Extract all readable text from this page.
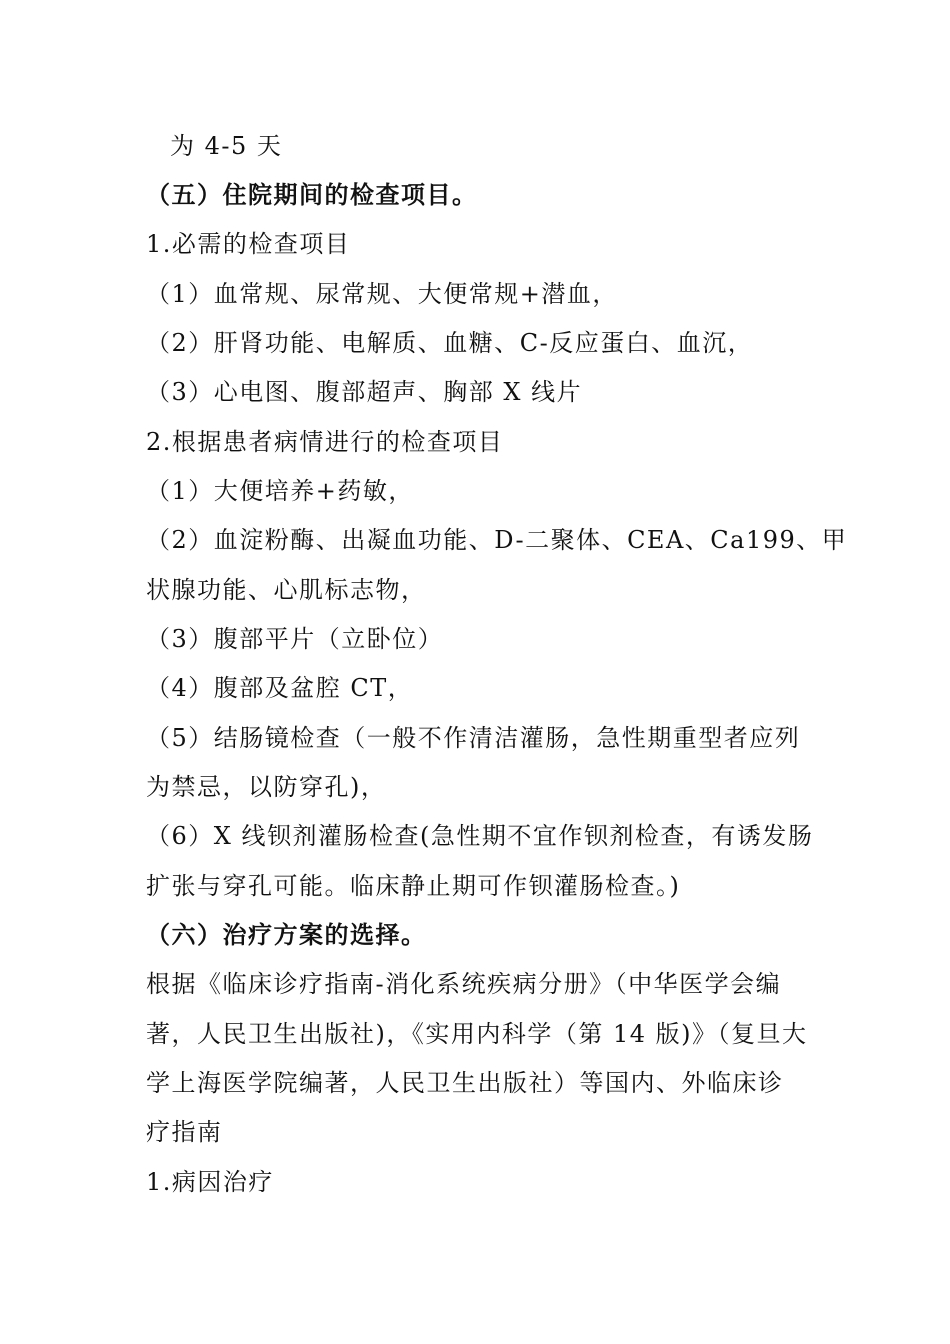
为 4-5 天
（五）住院期间的检查项目。
1.必需的检查项目
（1）血常规、尿常规、大便常规+潜血，
（2）肝肾功能、电解质、血糖、C-反应蛋白、血沉，
（3）心电图、腹部超声、胸部 X 线片
2.根据患者病情进行的检查项目
（1）大便培养+药敏，
（2）血淀粉酶、出凝血功能、D-二聚体、CEA、Ca199、甲
状腺功能、心肌标志物，
（3）腹部平片（立卧位）
（4）腹部及盆腔 CT，
（5）结肠镜检查（一般不作清洁灌肠，急性期重型者应列
为禁忌，以防穿孔)，
（6）X 线钡剂灌肠检查(急性期不宜作钡剂检查，有诱发肠
扩张与穿孔可能。临床静止期可作钡灌肠检查。)
（六）治疗方案的选择。
根据《临床诊疗指南-消化系统疾病分册》（中华医学会编
著，人民卫生出版社)，《实用内科学（第 14 版)》（复旦大
学上海医学院编著，人民卫生出版社）等国内、外临床诊
疗指南
1.病因治疗
